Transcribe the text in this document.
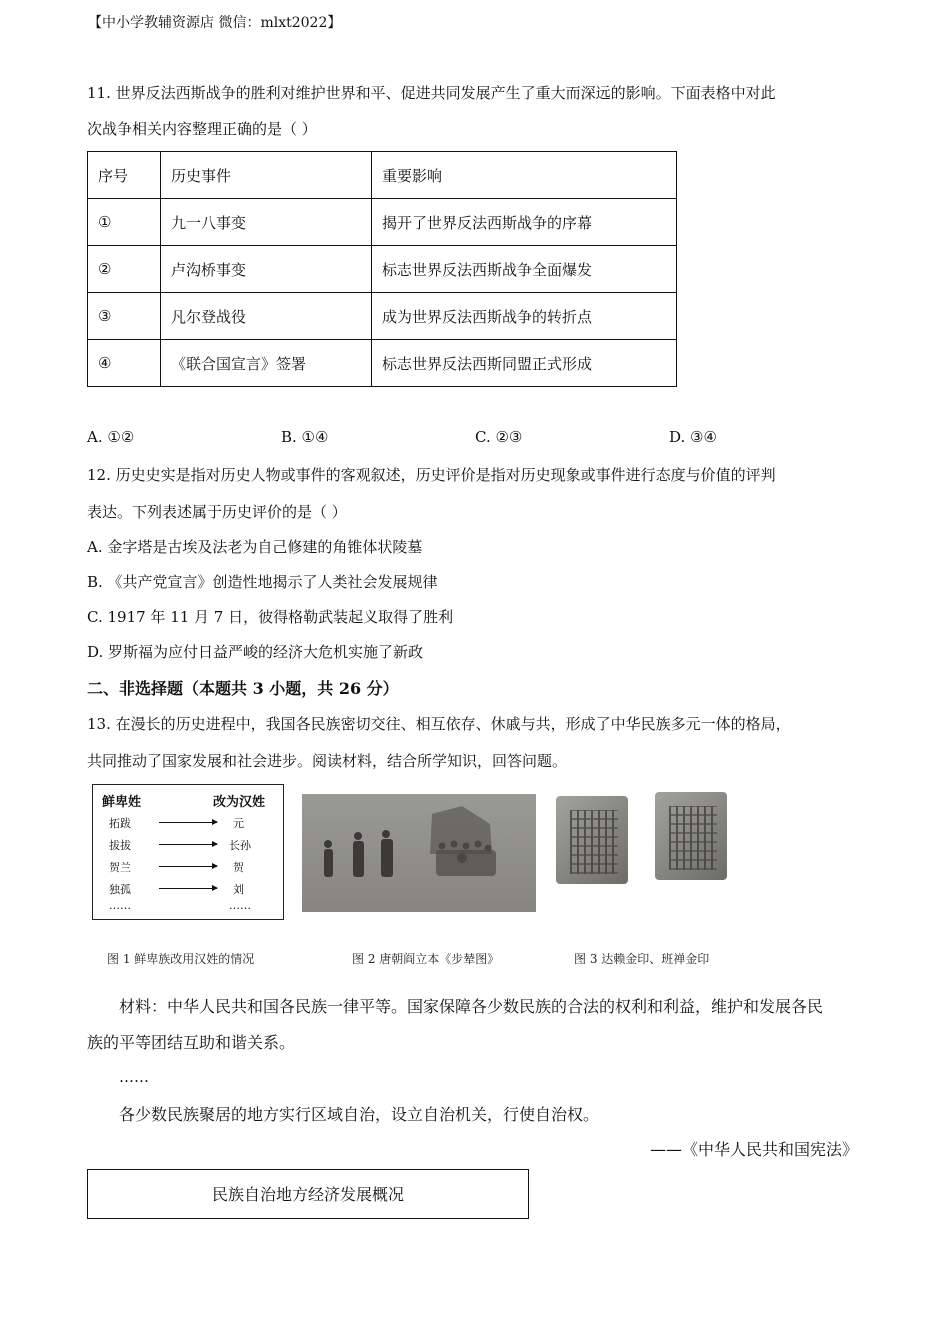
【中小学教辅资源店 微信：mlxt2022】
11. 世界反法西斯战争的胜利对维护世界和平、促进共同发展产生了重大而深远的影响。下面表格中对此
次战争相关内容整理正确的是（ ）
序号	历史事件	重要影响
①	九一八事变	揭开了世界反法西斯战争的序幕
②	卢沟桥事变	标志世界反法西斯战争全面爆发
③	凡尔登战役	成为世界反法西斯战争的转折点
④	《联合国宣言》签署	标志世界反法西斯同盟正式形成
A. ①②	B. ①④	C. ②③	D. ③④
12. 历史史实是指对历史人物或事件的客观叙述，历史评价是指对历史现象或事件进行态度与价值的评判
表达。下列表述属于历史评价的是（ ）
A. 金字塔是古埃及法老为自己修建的角锥体状陵墓
B. 《共产党宣言》创造性地揭示了人类社会发展规律
C. 1917 年 11 月 7 日，彼得格勒武装起义取得了胜利
D. 罗斯福为应付日益严峻的经济大危机实施了新政
二、非选择题（本题共 3 小题，共 26 分）
13. 在漫长的历史进程中，我国各民族密切交往、相互依存、休戚与共，形成了中华民族多元一体的格局，
共同推动了国家发展和社会进步。阅读材料，结合所学知识，回答问题。
鲜卑姓	改为汉姓
拓跋	元
拔拔	长孙
贺兰	贺
独孤	刘
……	……
图 1 鲜卑族改用汉姓的情况	图 2 唐朝阎立本《步辇图》	图 3 达赖金印、班禅金印
材料：中华人民共和国各民族一律平等。国家保障各少数民族的合法的权利和利益，维护和发展各民
族的平等团结互助和谐关系。
……
各少数民族聚居的地方实行区域自治，设立自治机关，行使自治权。
——《中华人民共和国宪法》
民族自治地方经济发展概况
